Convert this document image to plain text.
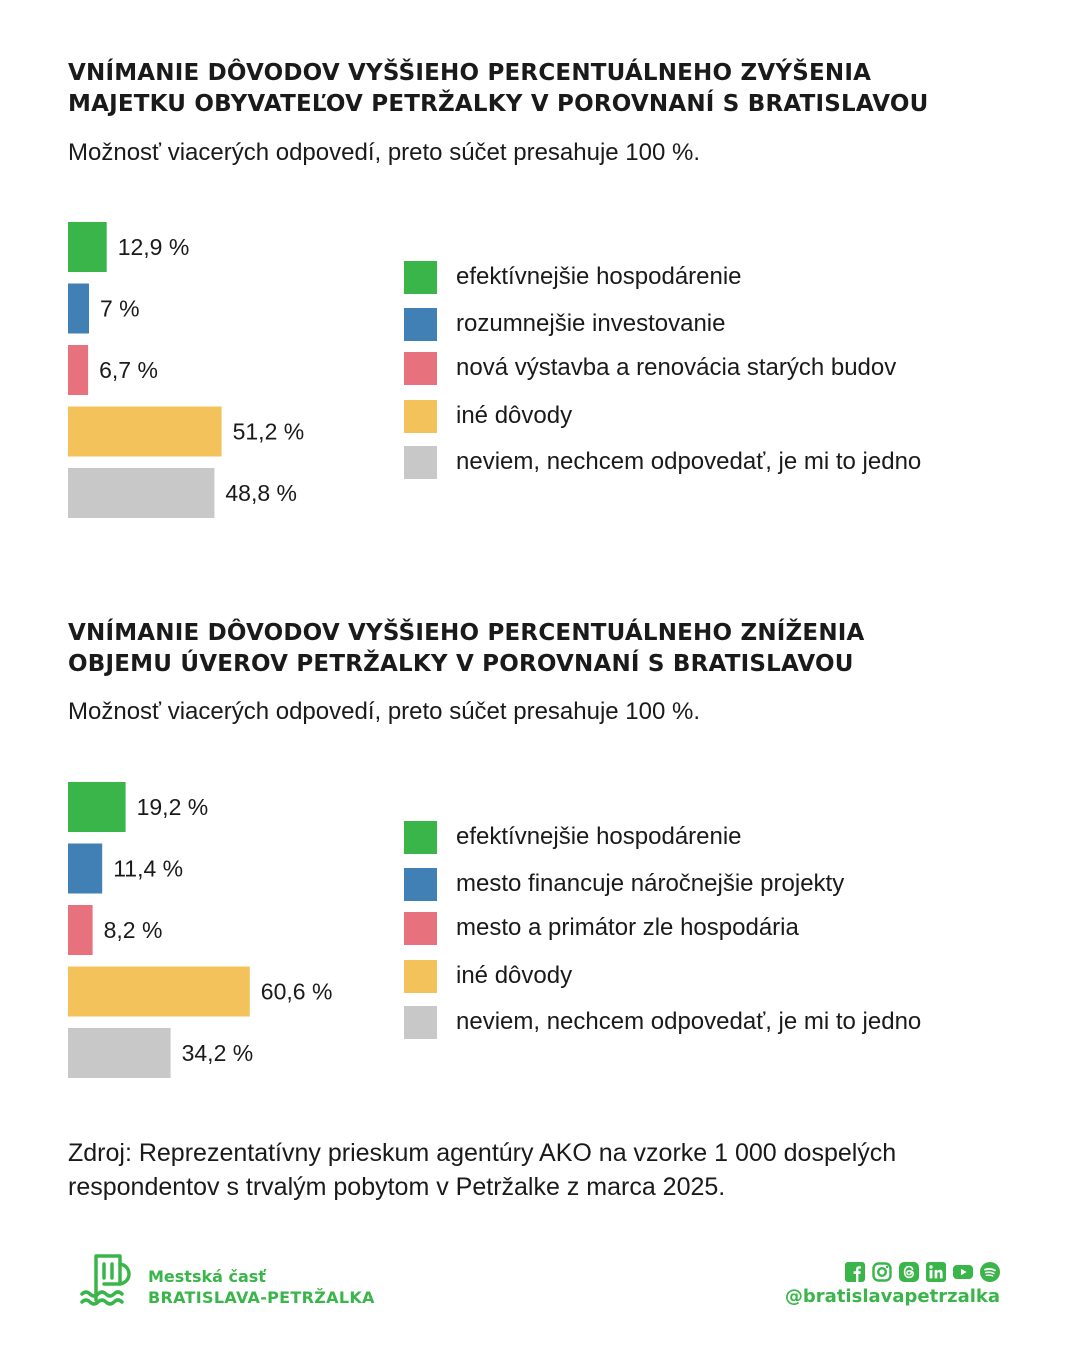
VNÍMANIE DÔVODOV VYŠŠIEHO PERCENTUÁLNEHO ZVÝŠENIA
MAJETKU OBYVATEĽOV PETRŽALKY V POROVNANÍ S BRATISLAVOU

Možnosť viacerých odpovedí, preto súčet presahuje 100 %.

12,9 %
7 %
6,7 %
51,2 %
48,8 %
efektívnejšie hospodárenie
rozumnejšie investovanie
nová výstavba a renovácia starých budov
iné dôvody
neviem, nechcem odpovedať, je mi to jedno
VNÍMANIE DÔVODOV VYŠŠIEHO PERCENTUÁLNEHO ZNÍŽENIA
OBJEMU ÚVEROV PETRŽALKY V POROVNANÍ S BRATISLAVOU

Možnosť viacerých odpovedí, preto súčet presahuje 100 %.

19,2 %
11,4 %
8,2 %
60,6 %
34,2 %
efektívnejšie hospodárenie
mesto financuje náročnejšie projekty
mesto a primátor zle hospodária
iné dôvody
neviem, nechcem odpovedať, je mi to jedno

Zdroj: Reprezentatívny prieskum agentúry AKO na vzorke 1 000 dospelých respondentov s trvalým pobytom v Petržalke z marca 2025.

Mestská časť
BRATISLAVA-PETRŽALKA	@bratislavapetrzalka
